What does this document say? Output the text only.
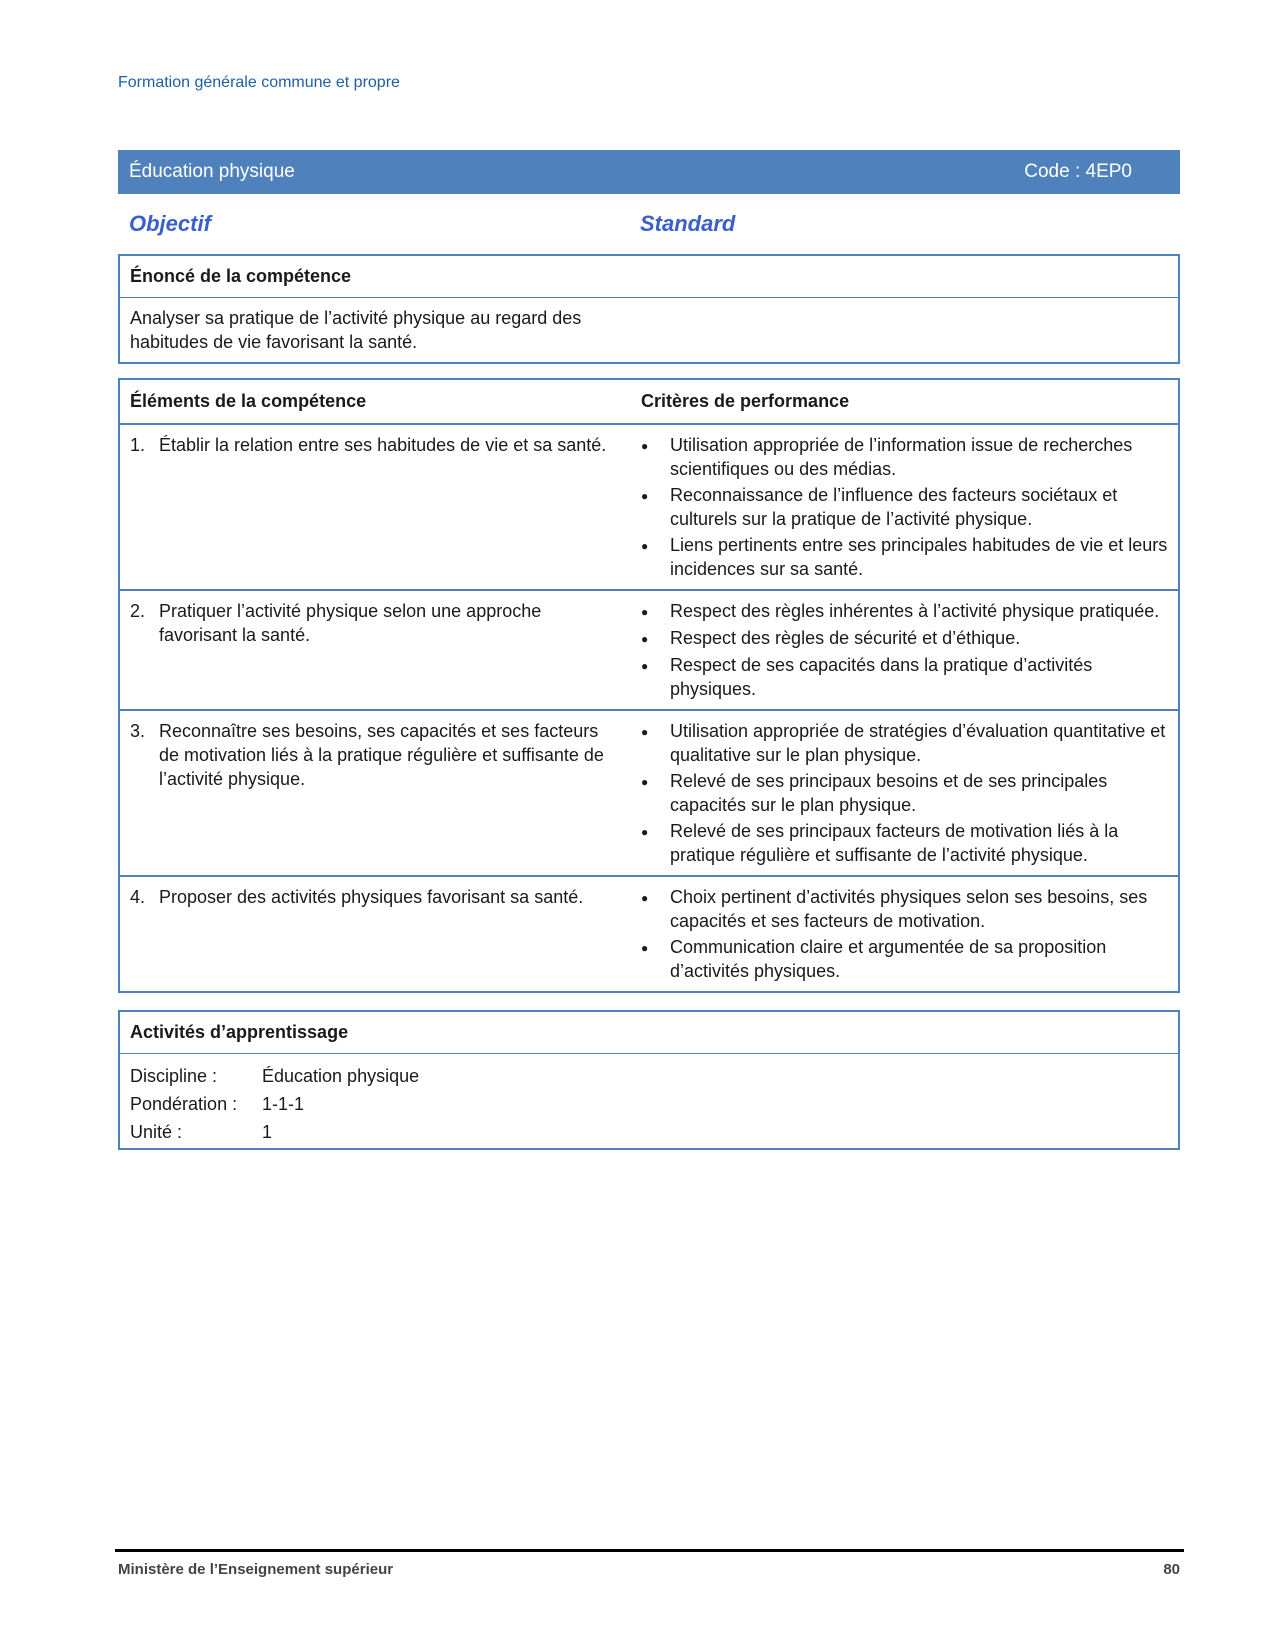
Formation générale commune et propre
Éducation physique	Code : 4EP0
Objectif	Standard
Énoncé de la compétence
Analyser sa pratique de l’activité physique au regard des habitudes de vie favorisant la santé.
Éléments de la compétence	Critères de performance
1. Établir la relation entre ses habitudes de vie et sa santé.	●	Utilisation appropriée de l’information issue de recherches scientifiques ou des médias.
●	Reconnaissance de l’influence des facteurs sociétaux et culturels sur la pratique de l’activité physique.
●	Liens pertinents entre ses principales habitudes de vie et leurs incidences sur sa santé.
2. Pratiquer l’activité physique selon une approche favorisant la santé.
●	Respect des règles inhérentes à l’activité physique pratiquée.
●	Respect des règles de sécurité et d’éthique.
●	Respect de ses capacités dans la pratique d’activités physiques.
3. Reconnaître ses besoins, ses capacités et ses facteurs de motivation liés à la pratique régulière et suffisante de l’activité physique.
●	Utilisation appropriée de stratégies d’évaluation quantitative et qualitative sur le plan physique.
●	Relevé de ses principaux besoins et de ses principales capacités sur le plan physique.
●	Relevé de ses principaux facteurs de motivation liés à la pratique régulière et suffisante de l’activité physique.
4. Proposer des activités physiques favorisant sa santé.	●	Choix pertinent d’activités physiques selon ses besoins, ses capacités et ses facteurs de motivation.
●	Communication claire et argumentée de sa proposition d’activités physiques.
Activités d’apprentissage
Discipline :	Éducation physique
Pondération :	1-1-1
Unité :	1
Ministère de l’Enseignement supérieur	80
